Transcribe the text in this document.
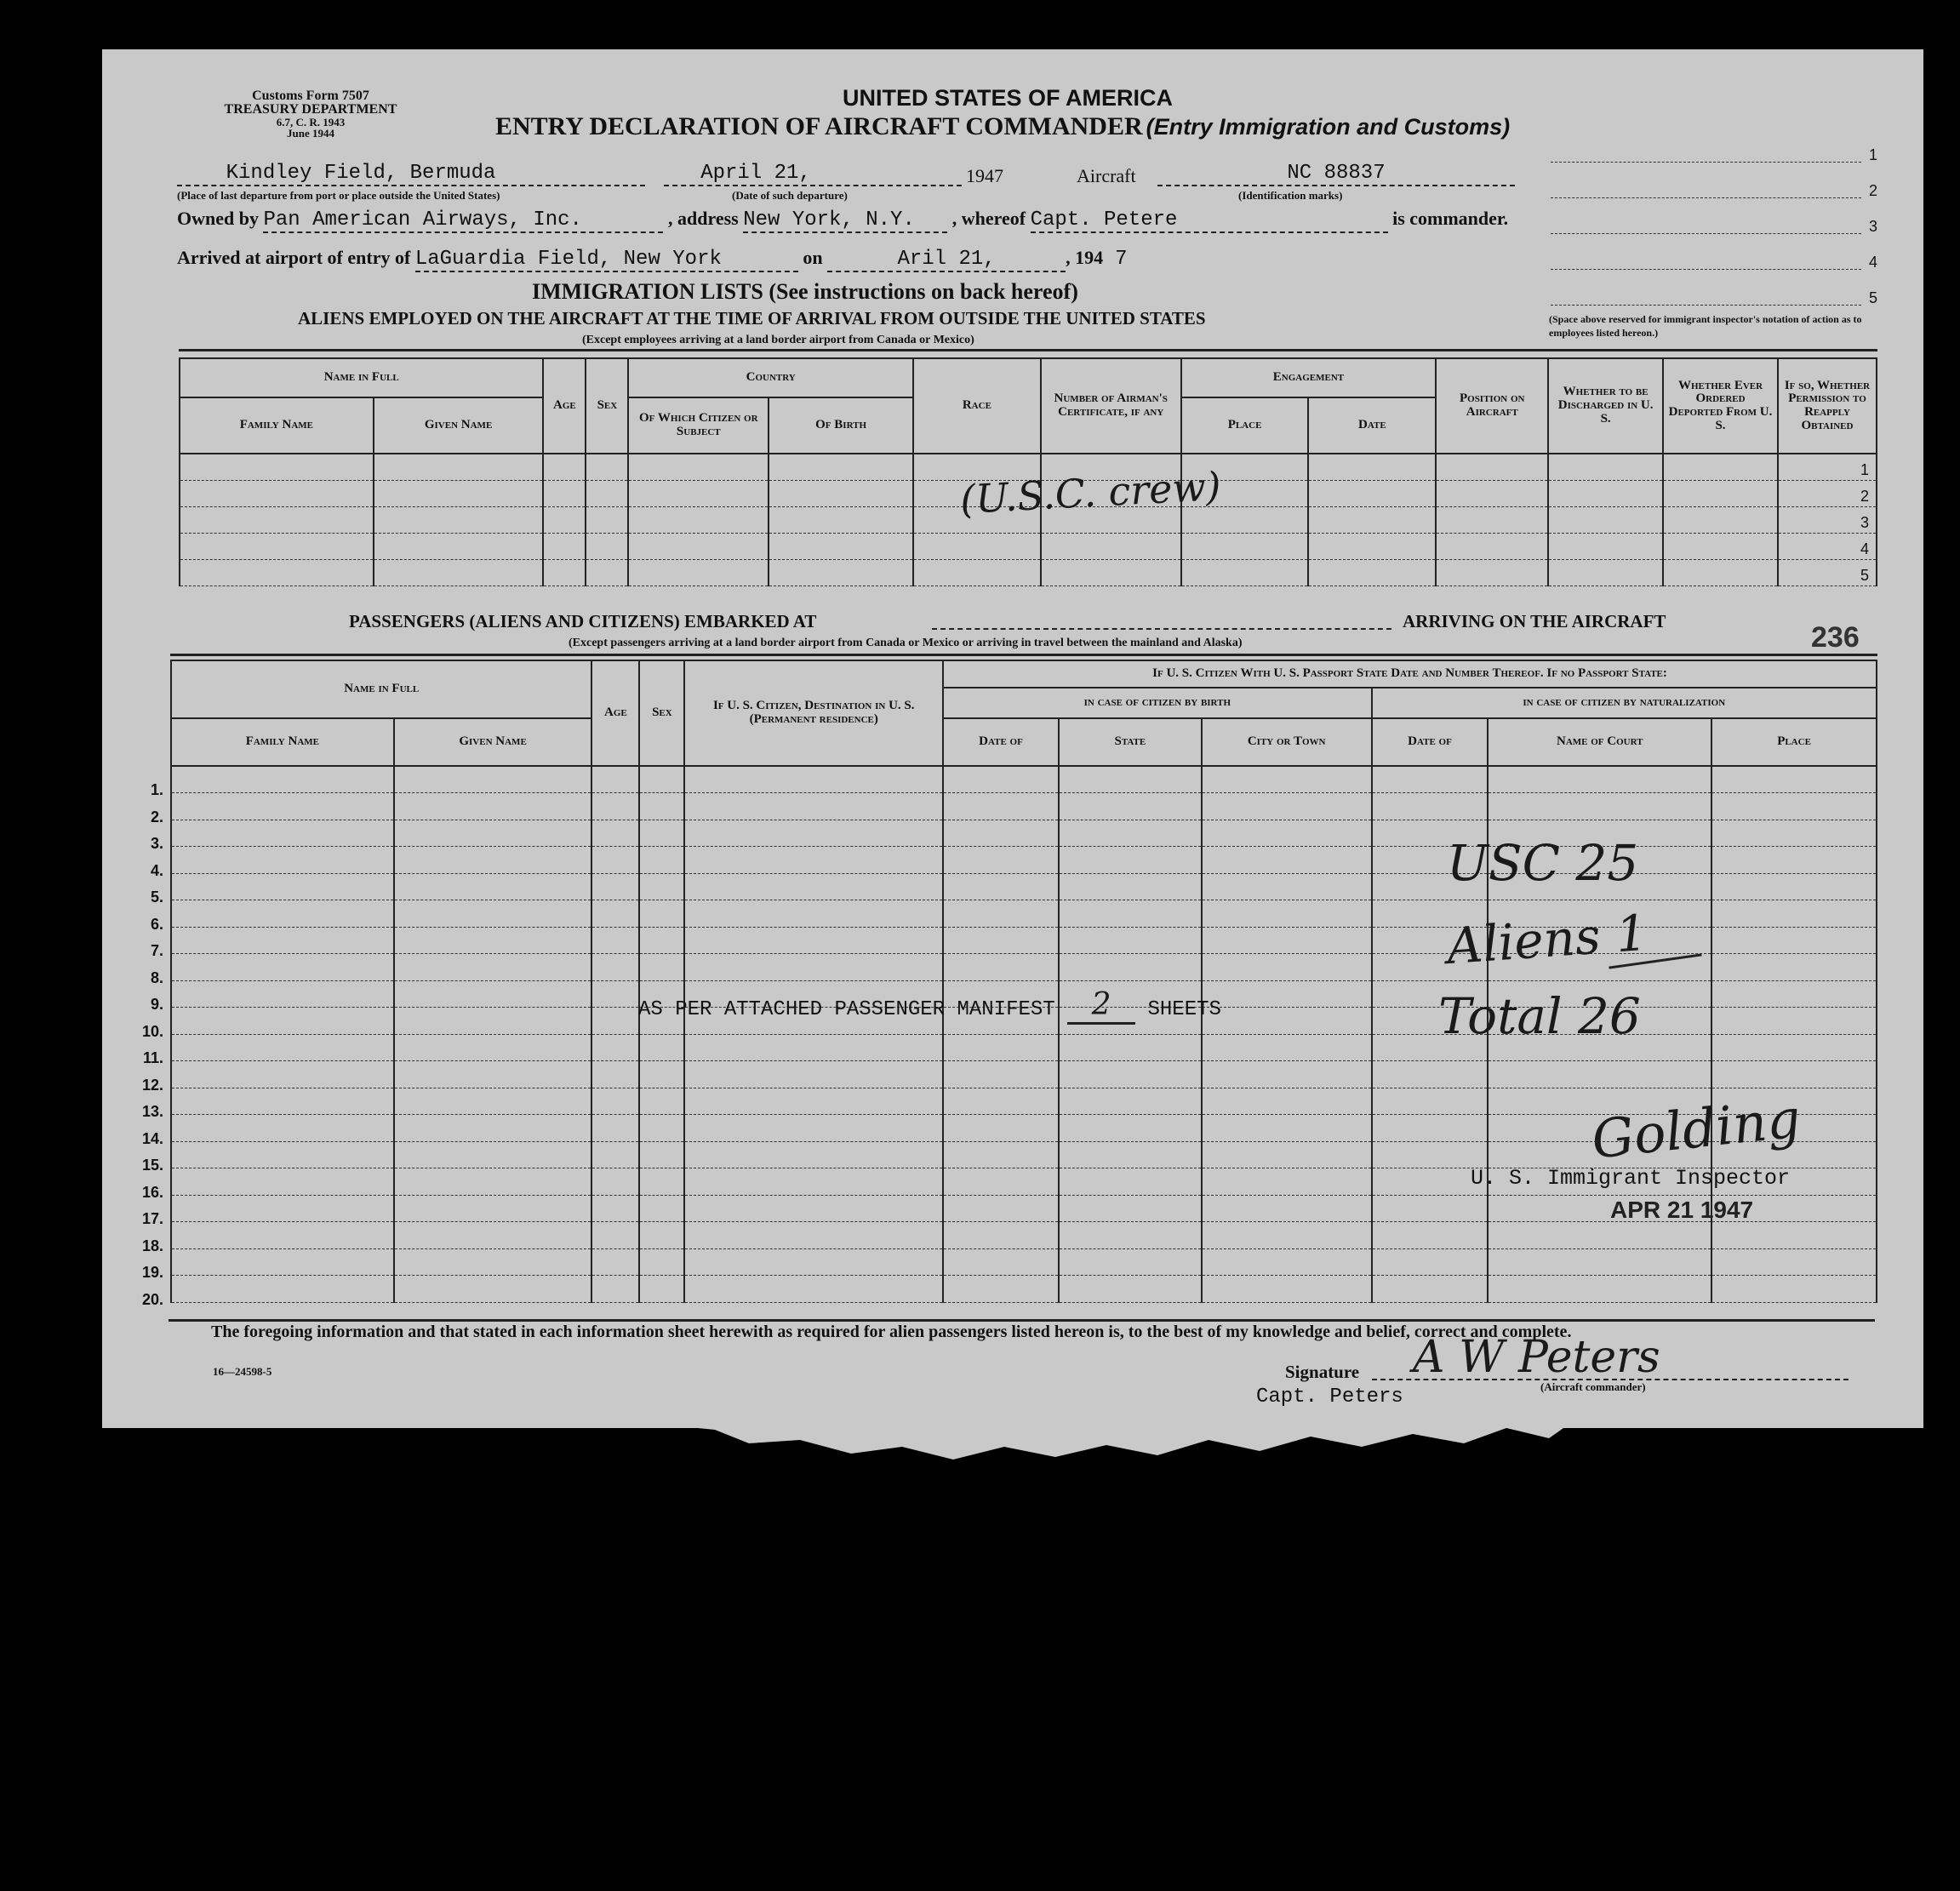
Customs Form 7507
TREASURY DEPARTMENT
6.7, C. R. 1943
June 1944
UNITED STATES OF AMERICA
ENTRY DECLARATION OF AIRCRAFT COMMANDER (Entry Immigration and Customs)
Kindley Field, Bermuda
(Place of last departure from port or place outside the United States)
April 21,
(Date of such departure)
1947	Aircraft	NC 88837
(Identification marks)
Owned by Pan American Airways, Inc.	, address New York, N.Y. , whereof Capt. Petere	is commander.
Arrived at airport of entry of LaGuardia Field, New York	on	Aril 21,	, 194 7
IMMIGRATION LISTS (See instructions on back hereof)
ALIENS EMPLOYED ON THE AIRCRAFT AT THE TIME OF ARRIVAL FROM OUTSIDE THE UNITED STATES
(Except employees arriving at a land border airport from Canada or Mexico)
1
2
3
4
5
(Space above reserved for immigrant inspector's notation of action as to employees listed hereon.)
Name in Full		Age	Sex	Country		Race	Number of Airman's Certificate, if any	Engagement		Position on Aircraft	Whether to be Discharged in U. S.	Whether Ever Ordered Deported From U. S.	If so, Whether Permission to Reapply Obtained
Family Name	Given Name			Of Which Citizen or Subject	Of Birth			Place	Date				

1
2
3
4
5
(U.S.C. crew)
PASSENGERS (ALIENS AND CITIZENS) EMBARKED AT	ARRIVING ON THE AIRCRAFT	236
(Except passengers arriving at a land border airport from Canada or Mexico or arriving in travel between the mainland and Alaska)
Name in Full		Age	Sex	If U. S. Citizen, Destination in U. S. (Permanent residence)	If U. S. Citizen With U. S. Passport State Date and Number Thereof. If no Passport State:					
					in case of citizen by birth			in case of citizen by naturalization		
Family Name	Given Name				Date of	State	City or Town	Date of	Name of Court	Place

1.
2.
3.
4.
5.
6.
7.
8.
9.
10.
11.
12.
13.
14.
15.
16.
17.
18.
19.
20.
AS PER ATTACHED PASSENGER MANIFEST 2 SHEETS
USC 25
Aliens 1
Total 26
Golding
U. S. Immigrant Inspector
APR 21 1947
The foregoing information and that stated in each information sheet herewith as required for alien passengers listed hereon is, to the best of my knowledge and belief, correct and complete.
16—24598-5	Signature A W Peters
(Aircraft commander)
Capt. Peters
